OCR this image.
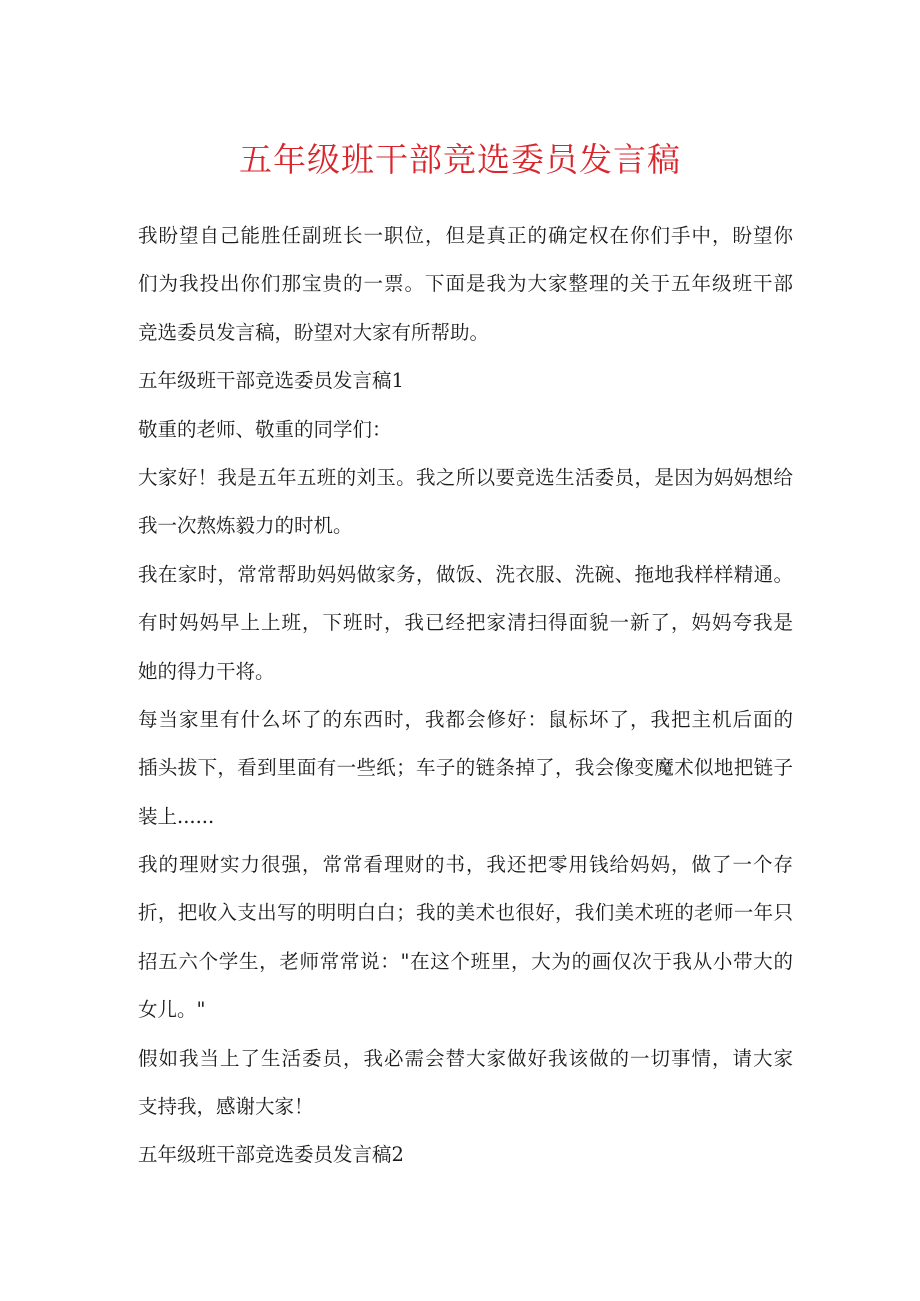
五年级班干部竞选委员发言稿
我盼望自己能胜任副班长一职位，但是真正的确定权在你们手中，盼望你
们为我投出你们那宝贵的一票。下面是我为大家整理的关于五年级班干部
竞选委员发言稿，盼望对大家有所帮助。
五年级班干部竞选委员发言稿1
敬重的老师、敬重的同学们：
大家好！我是五年五班的刘玉。我之所以要竞选生活委员，是因为妈妈想给
我一次熬炼毅力的时机。
我在家时，常常帮助妈妈做家务，做饭、洗衣服、洗碗、拖地我样样精通。
有时妈妈早上上班，下班时，我已经把家清扫得面貌一新了，妈妈夸我是
她的得力干将。
每当家里有什么坏了的东西时，我都会修好：鼠标坏了，我把主机后面的
插头拔下，看到里面有一些纸；车子的链条掉了，我会像变魔术似地把链子
装上......
我的理财实力很强，常常看理财的书，我还把零用钱给妈妈，做了一个存
折，把收入支出写的明明白白；我的美术也很好，我们美术班的老师一年只
招五六个学生，老师常常说："在这个班里，大为的画仅次于我从小带大的
女儿。"
假如我当上了生活委员，我必需会替大家做好我该做的一切事情，请大家
支持我，感谢大家！
五年级班干部竞选委员发言稿2
